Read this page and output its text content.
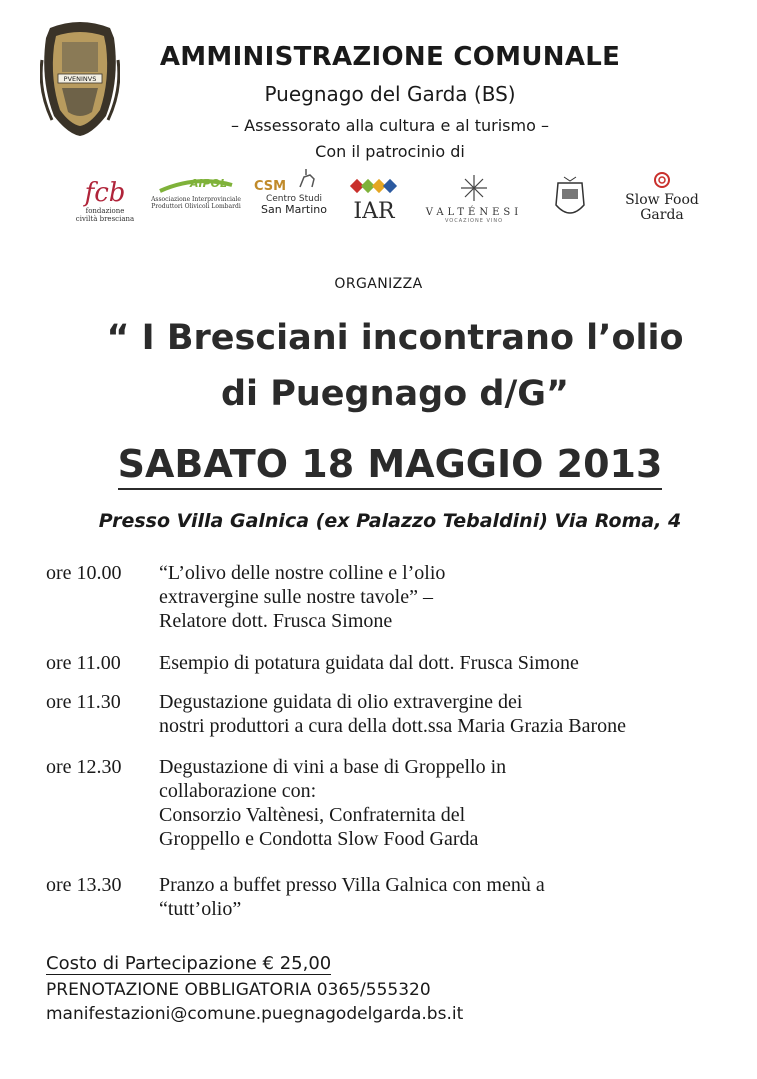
PVENINVS
AMMINISTRAZIONE COMUNALE
Puegnago del Garda (BS)
– Assessorato alla cultura e al turismo –
Con il patrocinio di
fcb
fondazione
civiltà bresciana
AIPOL
Associazione Interprovinciale
Produttori Olivicoli Lombardi
CSM
Centro Studi
San Martino	IAR	VALTÉNESI
VOCAZIONE VINO
Slow Food
Garda
ORGANIZZA
“ I Bresciani incontrano l’olio
di Puegnago d/G”
SABATO 18 MAGGIO 2013
Presso Villa Galnica (ex Palazzo Tebaldini) Via Roma, 4
ore 10.00 “L’olivo delle nostre colline e l’olio
extravergine sulle nostre tavole” –
Relatore dott. Frusca Simone
ore 11.00 Esempio di potatura guidata dal dott. Frusca Simone
ore 11.30 Degustazione guidata di olio extravergine dei
nostri produttori a cura della dott.ssa Maria Grazia Barone
ore 12.30 Degustazione di vini a base di Groppello in
collaborazione con:
Consorzio Valtènesi, Confraternita del
Groppello e Condotta Slow Food Garda
ore 13.30 Pranzo a buffet presso Villa Galnica con menù a
“tutt’olio”
Costo di Partecipazione € 25,00
PRENOTAZIONE OBBLIGATORIA 0365/555320
manifestazioni@comune.puegnagodelgarda.bs.it
